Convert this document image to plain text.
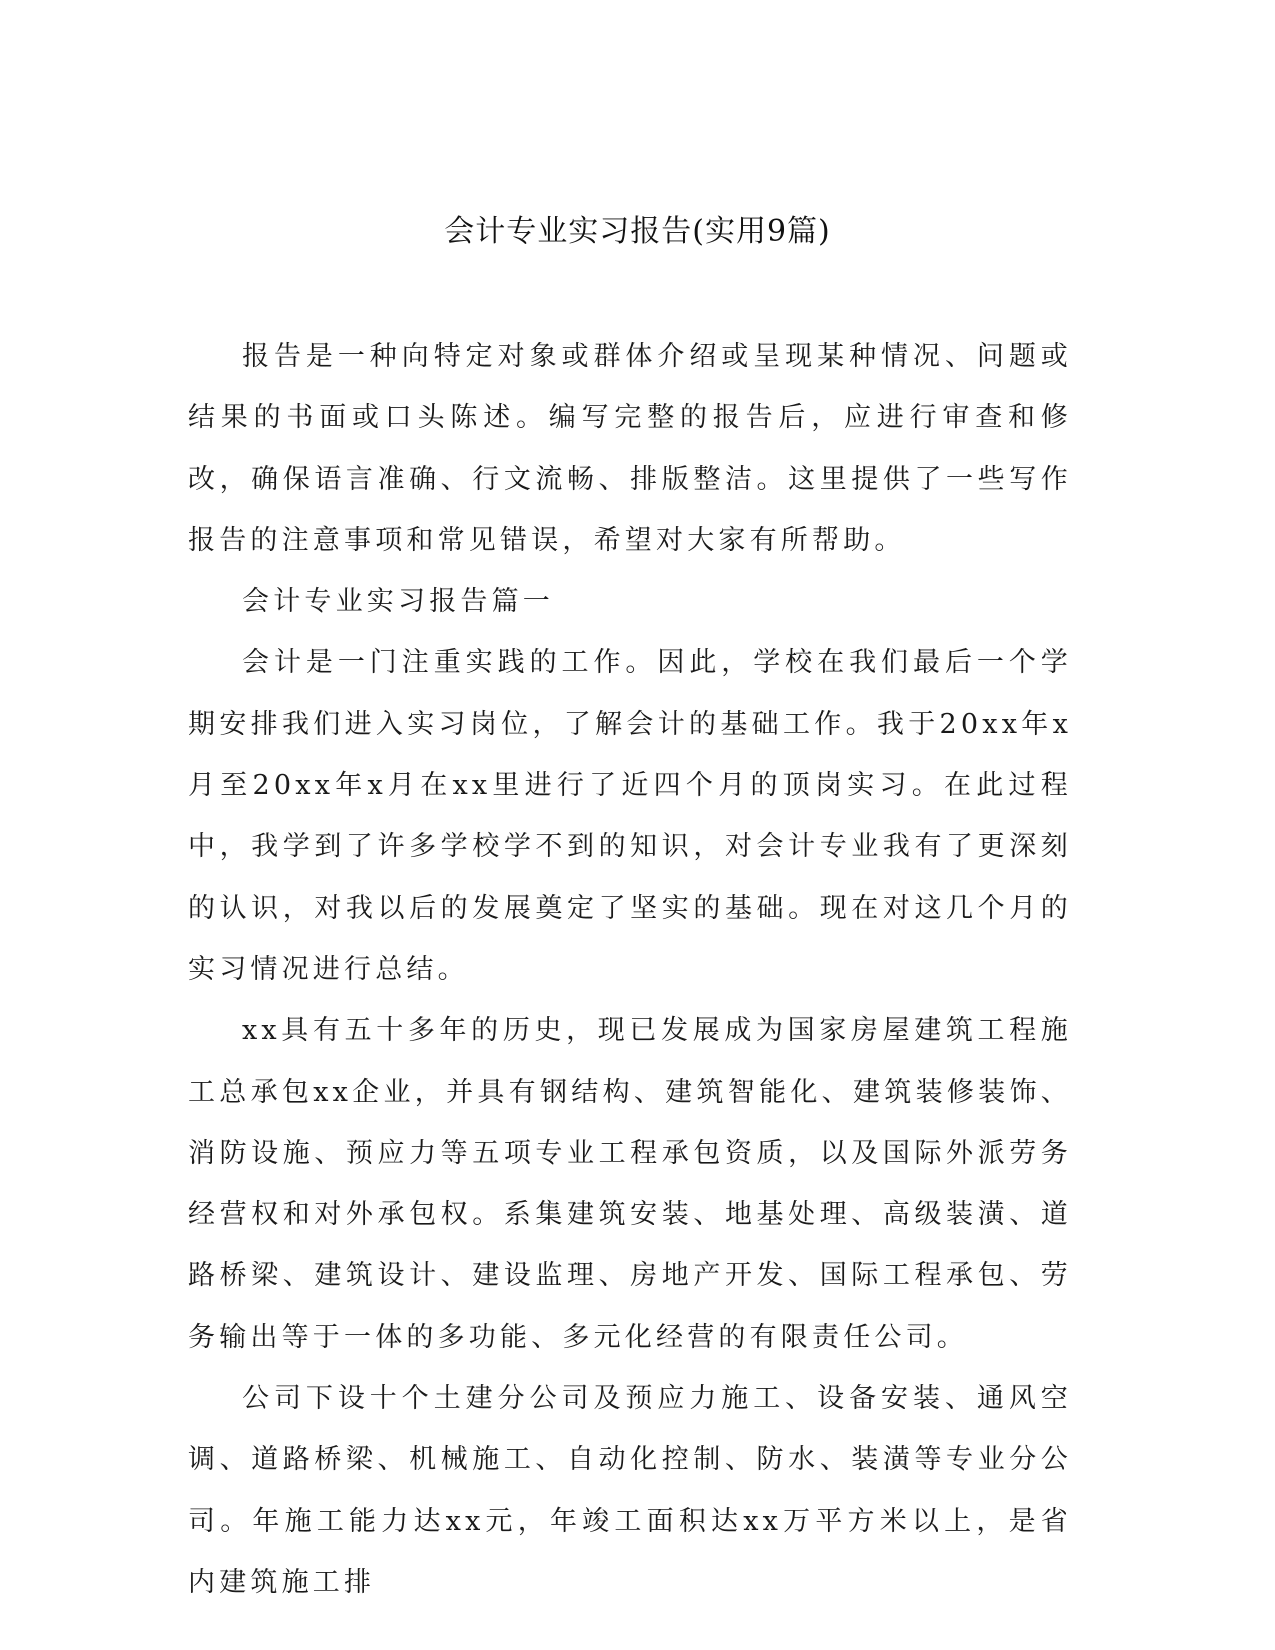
会计专业实习报告(实用9篇)

报告是一种向特定对象或群体介绍或呈现某种情况、问题或结果的书面或口头陈述。编写完整的报告后，应进行审查和修改，确保语言准确、行文流畅、排版整洁。这里提供了一些写作报告的注意事项和常见错误，希望对大家有所帮助。

会计专业实习报告篇一

会计是一门注重实践的工作。因此，学校在我们最后一个学期安排我们进入实习岗位，了解会计的基础工作。我于20xx年x月至20xx年x月在xx里进行了近四个月的顶岗实习。在此过程中，我学到了许多学校学不到的知识，对会计专业我有了更深刻的认识，对我以后的发展奠定了坚实的基础。现在对这几个月的实习情况进行总结。

xx具有五十多年的历史，现已发展成为国家房屋建筑工程施工总承包xx企业，并具有钢结构、建筑智能化、建筑装修装饰、消防设施、预应力等五项专业工程承包资质，以及国际外派劳务经营权和对外承包权。系集建筑安装、地基处理、高级装潢、道路桥梁、建筑设计、建设监理、房地产开发、国际工程承包、劳务输出等于一体的多功能、多元化经营的有限责任公司。

公司下设十个土建分公司及预应力施工、设备安装、通风空调、道路桥梁、机械施工、自动化控制、防水、装潢等专业分公司。年施工能力达xx元，年竣工面积达xx万平方米以上，是省内建筑施工排
